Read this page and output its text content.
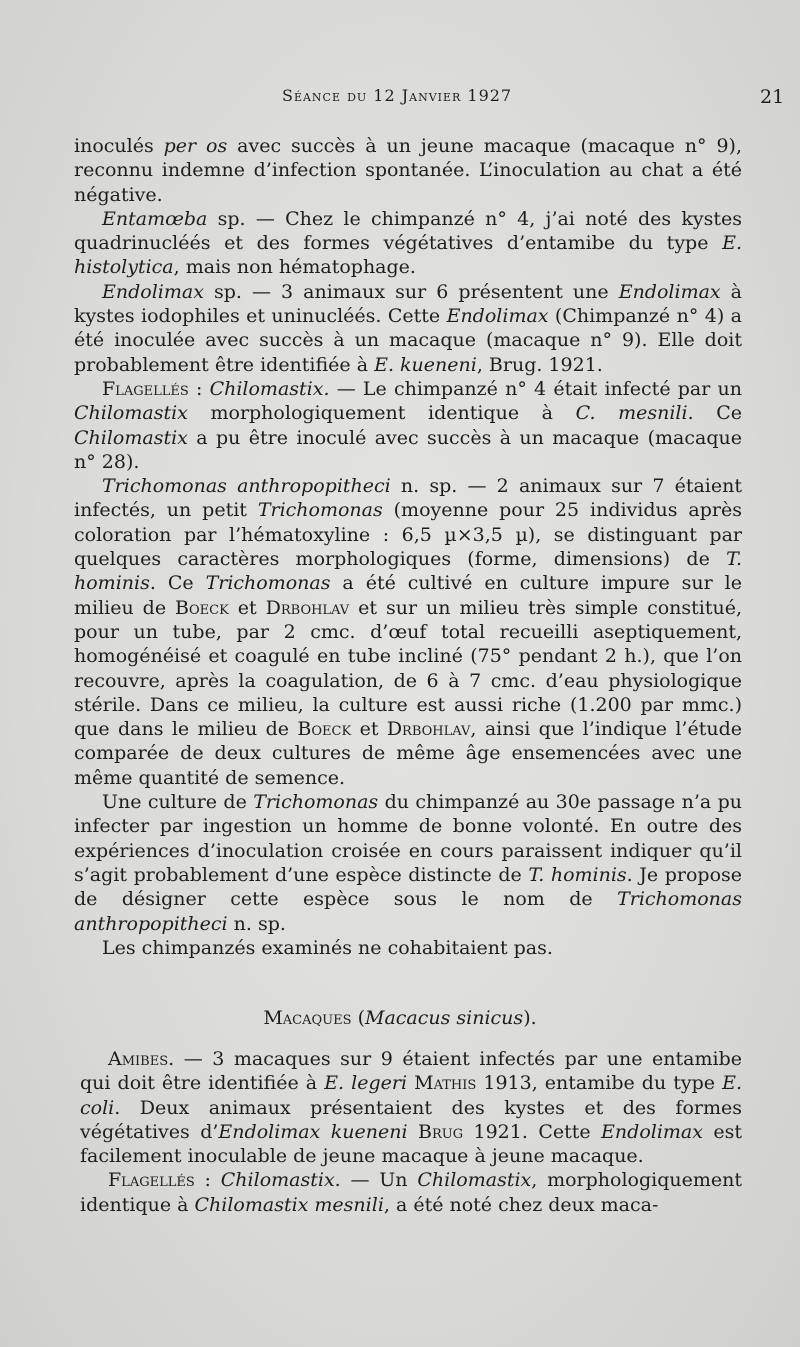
Séance du 12 Janvier 1927	21

inoculés per os avec succès à un jeune macaque (macaque n° 9), reconnu indemne d’infection spontanée. L’inoculation au chat a été négative.

Entamœba sp. — Chez le chimpanzé n° 4, j’ai noté des kystes quadrinucléés et des formes végétatives d’entamibe du type E. histolytica, mais non hématophage.

Endolimax sp. — 3 animaux sur 6 présentent une Endolimax à kystes iodophiles et uninucléés. Cette Endolimax (Chimpanzé n° 4) a été inoculée avec succès à un macaque (macaque n° 9). Elle doit probablement être identifiée à E. kueneni, Brug. 1921.

Flagellés : Chilomastix. — Le chimpanzé n° 4 était infecté par un Chilomastix morphologiquement identique à C. mesnili. Ce Chilomastix a pu être inoculé avec succès à un macaque (macaque n° 28).

Trichomonas anthropopitheci n. sp. — 2 animaux sur 7 étaient infectés, un petit Trichomonas (moyenne pour 25 individus après coloration par l’hématoxyline : 6,5 µ×3,5 µ), se distinguant par quelques caractères morphologiques (forme, dimensions) de T. hominis. Ce Trichomonas a été cultivé en culture impure sur le milieu de Boeck et Drbohlav et sur un milieu très simple constitué, pour un tube, par 2 cmc. d’œuf total recueilli aseptiquement, homogénéisé et coagulé en tube incliné (75° pendant 2 h.), que l’on recouvre, après la coagulation, de 6 à 7 cmc. d’eau physiologique stérile. Dans ce milieu, la culture est aussi riche (1.200 par mmc.) que dans le milieu de Boeck et Drbohlav, ainsi que l’indique l’étude comparée de deux cultures de même âge ensemencées avec une même quantité de semence.

Une culture de Trichomonas du chimpanzé au 30e passage n’a pu infecter par ingestion un homme de bonne volonté. En outre des expériences d’inoculation croisée en cours paraissent indiquer qu’il s’agit probablement d’une espèce distincte de T. hominis. Je propose de désigner cette espèce sous le nom de Trichomonas anthropopitheci n. sp.

Les chimpanzés examinés ne cohabitaient pas.

Macaques (Macacus sinicus).

Amibes. — 3 macaques sur 9 étaient infectés par une entamibe qui doit être identifiée à E. legeri Mathis 1913, entamibe du type E. coli. Deux animaux présentaient des kystes et des formes végétatives d’Endolimax kueneni Brug 1921. Cette Endolimax est facilement inoculable de jeune macaque à jeune macaque.

Flagellés : Chilomastix. — Un Chilomastix, morphologiquement identique à Chilomastix mesnili, a été noté chez deux maca-
